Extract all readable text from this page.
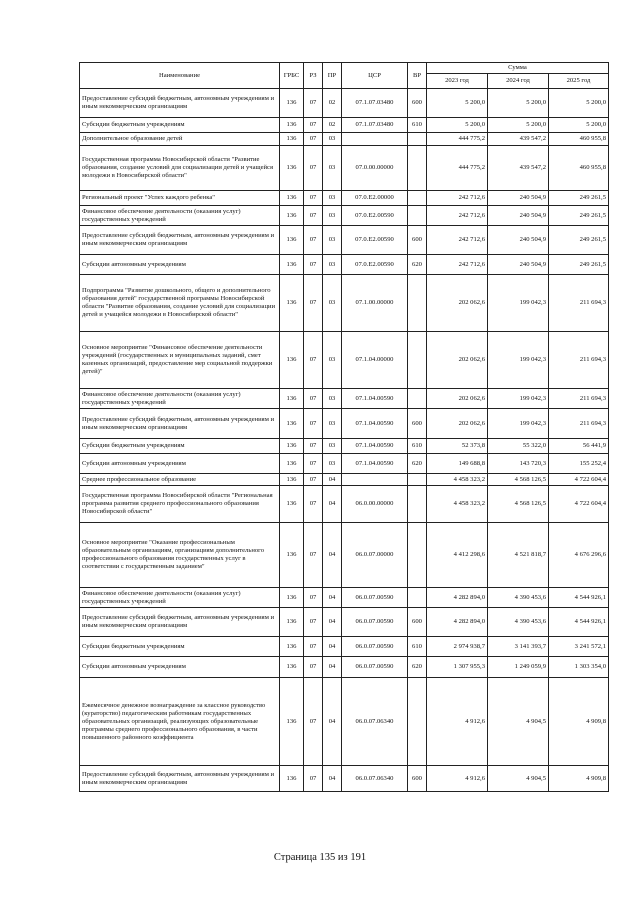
Наименование	ГРБС	РЗ	ПР	ЦСР	ВР	Сумма		
						2023 год	2024 год	2025 год
Предоставление субсидий бюджетным, автономным учреждениям и иным некоммерческим организациям	136	07	02	07.1.07.03480	600	5 200,0	5 200,0	5 200,0
Субсидии бюджетным учреждениям	136	07	02	07.1.07.03480	610	5 200,0	5 200,0	5 200,0
Дополнительное образование детей	136	07	03			444 775,2	439 547,2	460 955,8
Государственная программа Новосибирской области "Развитие образования, создание условий для социализации детей и учащейся молодежи в Новосибирской области"	136	07	03	07.0.00.00000		444 775,2	439 547,2	460 955,8
Региональный проект "Успех каждого ребенка"	136	07	03	07.0.E2.00000		242 712,6	240 504,9	249 261,5
Финансовое обеспечение деятельности (оказания услуг) государственных учреждений	136	07	03	07.0.E2.00590		242 712,6	240 504,9	249 261,5
Предоставление субсидий бюджетным, автономным учреждениям и иным некоммерческим организациям	136	07	03	07.0.E2.00590	600	242 712,6	240 504,9	249 261,5
Субсидии автономным учреждениям	136	07	03	07.0.E2.00590	620	242 712,6	240 504,9	249 261,5
Подпрограмма "Развитие дошкольного, общего и дополнительного образования детей" государственной программы Новосибирской области "Развитие образования, создание условий для социализации детей и учащейся молодежи в Новосибирской области"	136	07	03	07.1.00.00000		202 062,6	199 042,3	211 694,3
Основное мероприятие "Финансовое обеспечение деятельности учреждений (государственных и муниципальных заданий, смет казенных организаций, предоставление мер социальной поддержки детей)"	136	07	03	07.1.04.00000		202 062,6	199 042,3	211 694,3
Финансовое обеспечение деятельности (оказания услуг) государственных учреждений	136	07	03	07.1.04.00590		202 062,6	199 042,3	211 694,3
Предоставление субсидий бюджетным, автономным учреждениям и иным некоммерческим организациям	136	07	03	07.1.04.00590	600	202 062,6	199 042,3	211 694,3
Субсидии бюджетным учреждениям	136	07	03	07.1.04.00590	610	52 373,8	55 322,0	56 441,9
Субсидии автономным учреждениям	136	07	03	07.1.04.00590	620	149 688,8	143 720,3	155 252,4
Среднее профессиональное образование	136	07	04			4 458 323,2	4 568 126,5	4 722 604,4
Государственная программа Новосибирской области "Региональная программа развития среднего профессионального образования Новосибирской области"	136	07	04	06.0.00.00000		4 458 323,2	4 568 126,5	4 722 604,4
Основное мероприятие "Оказание профессиональным образовательным организациям, организациям дополнительного профессионального образования государственных услуг в соответствии с государственным заданием"	136	07	04	06.0.07.00000		4 412 298,6	4 521 818,7	4 676 296,6
Финансовое обеспечение деятельности (оказания услуг) государственных учреждений	136	07	04	06.0.07.00590		4 282 894,0	4 390 453,6	4 544 926,1
Предоставление субсидий бюджетным, автономным учреждениям и иным некоммерческим организациям	136	07	04	06.0.07.00590	600	4 282 894,0	4 390 453,6	4 544 926,1
Субсидии бюджетным учреждениям	136	07	04	06.0.07.00590	610	2 974 938,7	3 141 393,7	3 241 572,1
Субсидии автономным учреждениям	136	07	04	06.0.07.00590	620	1 307 955,3	1 249 059,9	1 303 354,0
Ежемесячное денежное вознаграждение за классное руководство (кураторство) педагогическим работникам государственных образовательных организаций, реализующих образовательные программы среднего профессионального образования, в части повышенного районного коэффициента	136	07	04	06.0.07.06340		4 912,6	4 904,5	4 909,8
Предоставление субсидий бюджетным, автономным учреждениям и иным некоммерческим организациям	136	07	04	06.0.07.06340	600	4 912,6	4 904,5	4 909,8
Страница 135 из 191
